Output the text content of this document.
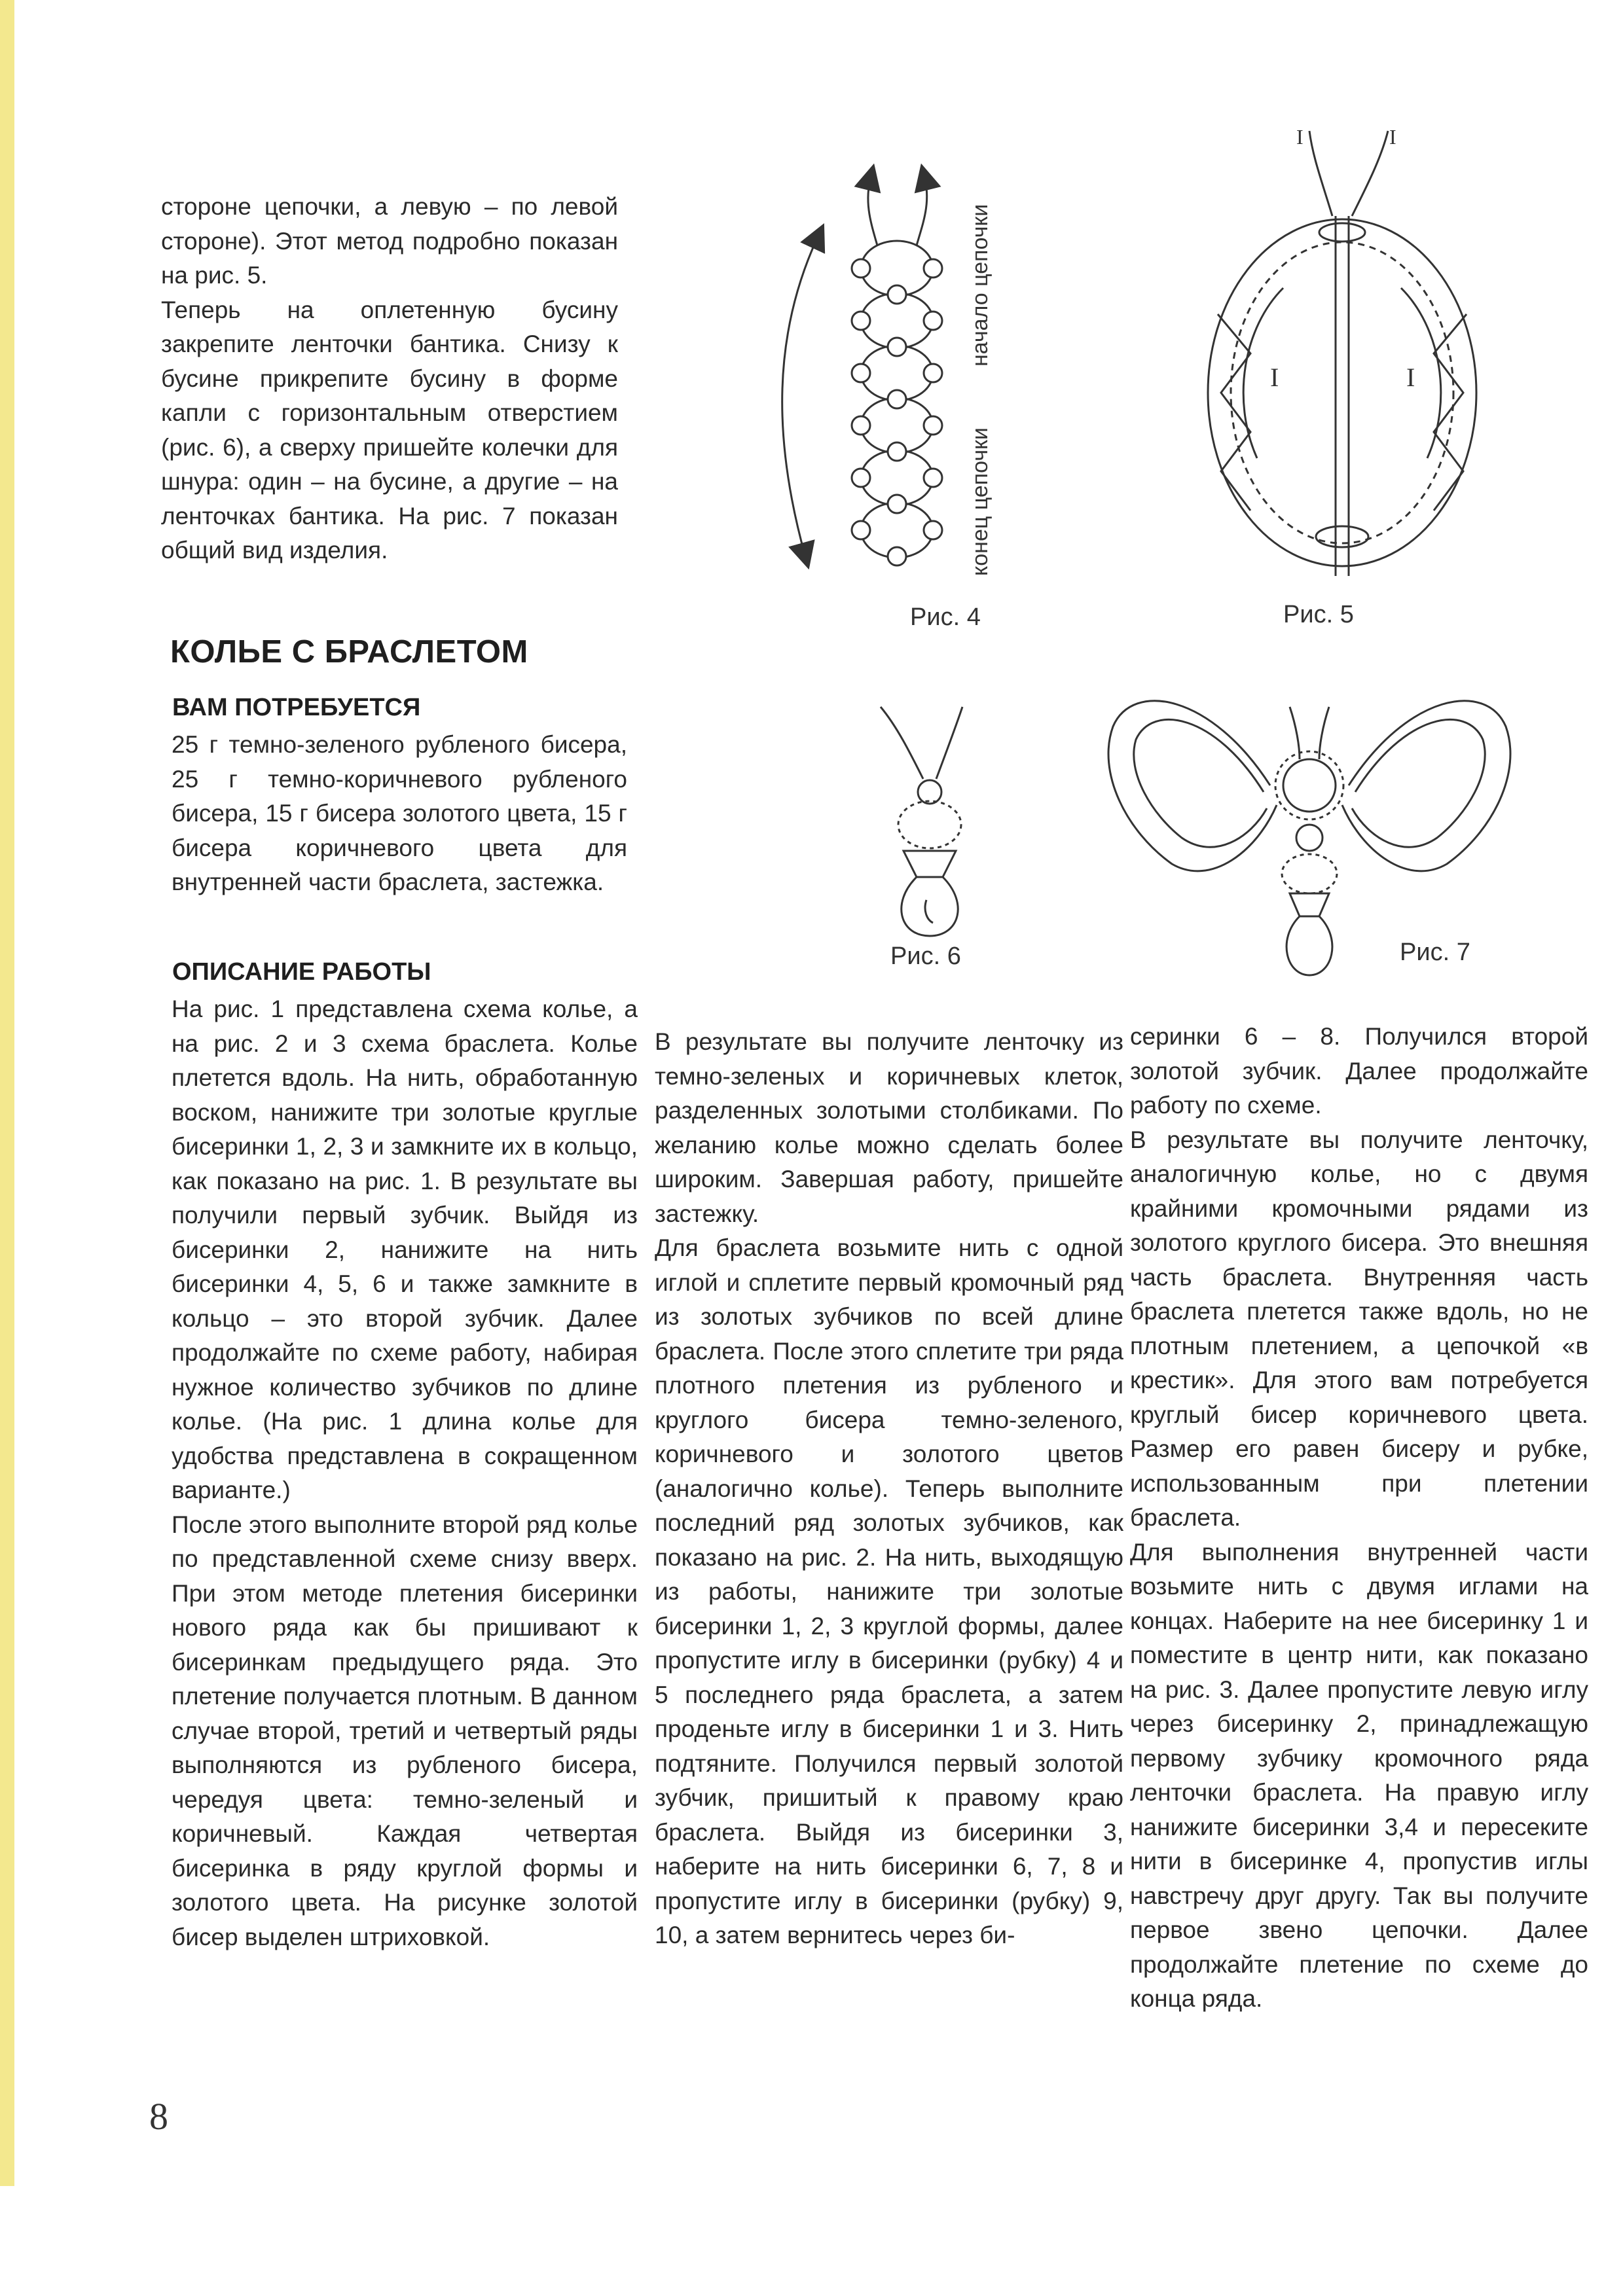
стороне цепочки, а левую – по левой стороне). Этот метод подробно показан на рис. 5.

Теперь на оплетенную бусину закрепите ленточки бантика. Снизу к бусине прикрепите бусину в форме капли с горизонтальным отверстием (рис. 6), а сверху пришейте колечки для шнура: один – на бусине, а другие – на ленточках бантика. На рис. 7 показан общий вид изделия.

КОЛЬЕ С БРАСЛЕТОМ
ВАМ ПОТРЕБУЕТСЯ
25 г темно-зеленого рубленого бисера, 25 г темно-коричневого рубленого бисера, 15 г бисера золотого цвета, 15 г бисера коричневого цвета для внутренней части браслета, застежка.
ОПИСАНИЕ РАБОТЫ

На рис. 1 представлена схема колье, а на рис. 2 и 3 схема браслета. Колье плетется вдоль. На нить, обработанную воском, нанижите три золотые круглые бисеринки 1, 2, 3 и замкните их в кольцо, как показано на рис. 1. В результате вы получили первый зубчик. Выйдя из бисеринки 2, нанижите на нить бисеринки 4, 5, 6 и также замкните в кольцо – это второй зубчик. Далее продолжайте по схеме работу, набирая нужное количество зубчиков по длине колье. (На рис. 1 длина колье для удобства представлена в сокращенном варианте.)

После этого выполните второй ряд колье по представленной схеме снизу вверх. При этом методе плетения бисеринки нового ряда как бы пришивают к бисеринкам предыдущего ряда. Это плетение получается плотным. В данном случае второй, третий и четвертый ряды выполняются из рубленого бисера, чередуя цвета: темно-зеленый и коричневый. Каждая четвертая бисеринка в ряду круглой формы и золотого цвета. На рисунке золотой бисер выделен штриховкой.

В результате вы получите ленточку из темно-зеленых и коричневых клеток, разделенных золотыми столбиками. По желанию колье можно сделать более широким. Завершая работу, пришейте застежку.

Для браслета возьмите нить с одной иглой и сплетите первый кромочный ряд из золотых зубчиков по всей длине браслета. После этого сплетите три ряда плотного плетения из рубленого и круглого бисера темно-зеленого, коричневого и золотого цветов (аналогично колье). Теперь выполните последний ряд золотых зубчиков, как показано на рис. 2. На нить, выходящую из работы, нанижите три золотые бисеринки 1, 2, 3 круглой формы, далее пропустите иглу в бисеринки (рубку) 4 и 5 последнего ряда браслета, а затем проденьте иглу в бисеринки 1 и 3. Нить подтяните. Получился первый золотой зубчик, пришитый к правому краю браслета. Выйдя из бисеринки 3, наберите на нить бисеринки 6, 7, 8 и пропустите иглу в бисеринки (рубку) 9, 10, а затем вернитесь через би-

серинки 6 – 8. Получился второй золотой зубчик. Далее продолжайте работу по схеме.

В результате вы получите ленточку, аналогичную колье, но с двумя крайними кромочными рядами из золотого круглого бисера. Это внешняя часть браслета. Внутренняя часть браслета плетется также вдоль, но не плотным плетением, а цепочкой «в крестик». Для этого вам потребуется круглый бисер коричневого цвета. Размер его равен бисеру и рубке, использованным при плетении браслета.

Для выполнения внутренней части возьмите нить с двумя иглами на концах. Наберите на нее бисеринку 1 и поместите в центр нити, как показано на рис. 3. Далее пропустите левую иглу через бисеринку 2, принадлежащую первому зубчику кромочного ряда ленточки браслета. На правую иглу нанижите бисеринки 3,4 и пересеките нити в бисеринке 4, пропустив иглы навстречу друг другу. Так вы получите первое звено цепочки. Далее продолжайте плетение по схеме до конца ряда.

начало цепочки
конец цепочки
Рис. 4
I	I
I	I
Рис. 5
Рис. 6	Рис. 7
8
